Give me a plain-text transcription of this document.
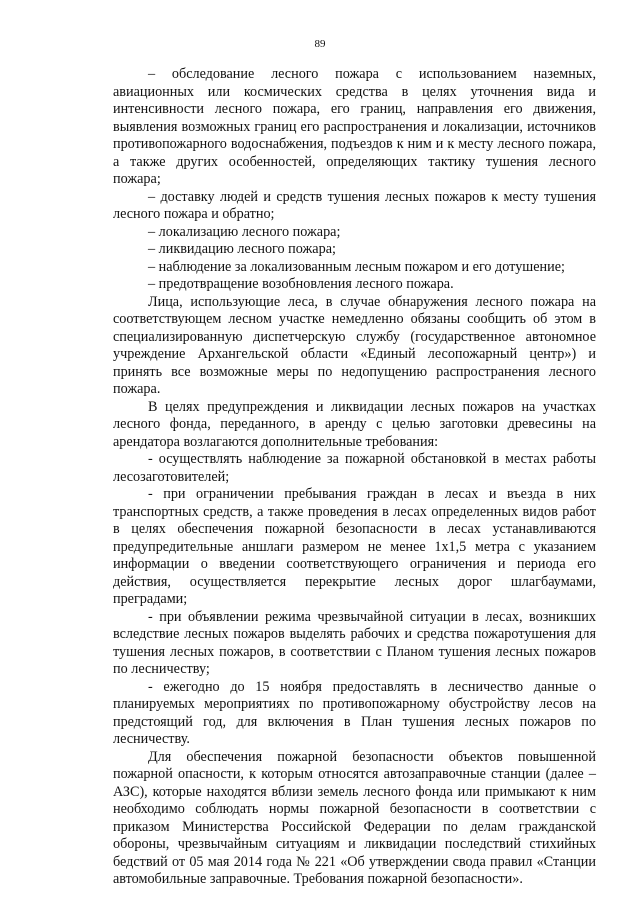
89

– обследование лесного пожара с использованием наземных, авиационных или космических средства в целях уточнения вида и интенсивности лесного пожара, его границ, направления его движения, выявления возможных границ его распространения и локализации, источников противопожарного водоснабжения, подъездов к ним и к месту лесного пожара, а также других особенностей, определяющих тактику тушения лесного пожара;

– доставку людей и средств тушения лесных пожаров к месту тушения лесного пожара и обратно;

– локализацию лесного пожара;

– ликвидацию лесного пожара;

– наблюдение за локализованным лесным пожаром и его дотушение;

– предотвращение возобновления лесного пожара.

Лица, использующие леса, в случае обнаружения лесного пожара на соответствующем лесном участке немедленно обязаны сообщить об этом в специализированную диспетчерскую службу (государственное автономное учреждение Архангельской области «Единый лесопожарный центр») и принять все возможные меры по недопущению распространения лесного пожара.

В целях предупреждения и ликвидации лесных пожаров на участках лесного фонда, переданного, в аренду с целью заготовки древесины на арендатора возлагаются дополнительные требования:

- осуществлять наблюдение за пожарной обстановкой в местах работы лесозаготовителей;

- при ограничении пребывания граждан в лесах и въезда в них транспортных средств, а также проведения в лесах определенных видов работ в целях обеспечения пожарной безопасности в лесах устанавливаются предупредительные аншлаги размером не менее 1х1,5 метра с указанием информации о введении соответствующего ограничения и периода его действия, осуществляется перекрытие лесных дорог шлагбаумами, преградами;

- при объявлении режима чрезвычайной ситуации в лесах, возникших вследствие лесных пожаров выделять рабочих и средства пожаротушения для тушения лесных пожаров, в соответствии с Планом тушения лесных пожаров по лесничеству;

- ежегодно до 15 ноября предоставлять в лесничество данные о планируемых мероприятиях по противопожарному обустройству лесов на предстоящий год, для включения в План тушения лесных пожаров по лесничеству.

Для обеспечения пожарной безопасности объектов повышенной пожарной опасности, к которым относятся автозаправочные станции (далее – АЗС), которые находятся вблизи земель лесного фонда или примыкают к ним необходимо соблюдать нормы пожарной безопасности в соответствии с приказом Министерства Российской Федерации по делам гражданской обороны, чрезвычайным ситуациям и ликвидации последствий стихийных бедствий от 05 мая 2014 года № 221 «Об утверждении свода правил «Станции автомобильные заправочные. Требования пожарной безопасности».
